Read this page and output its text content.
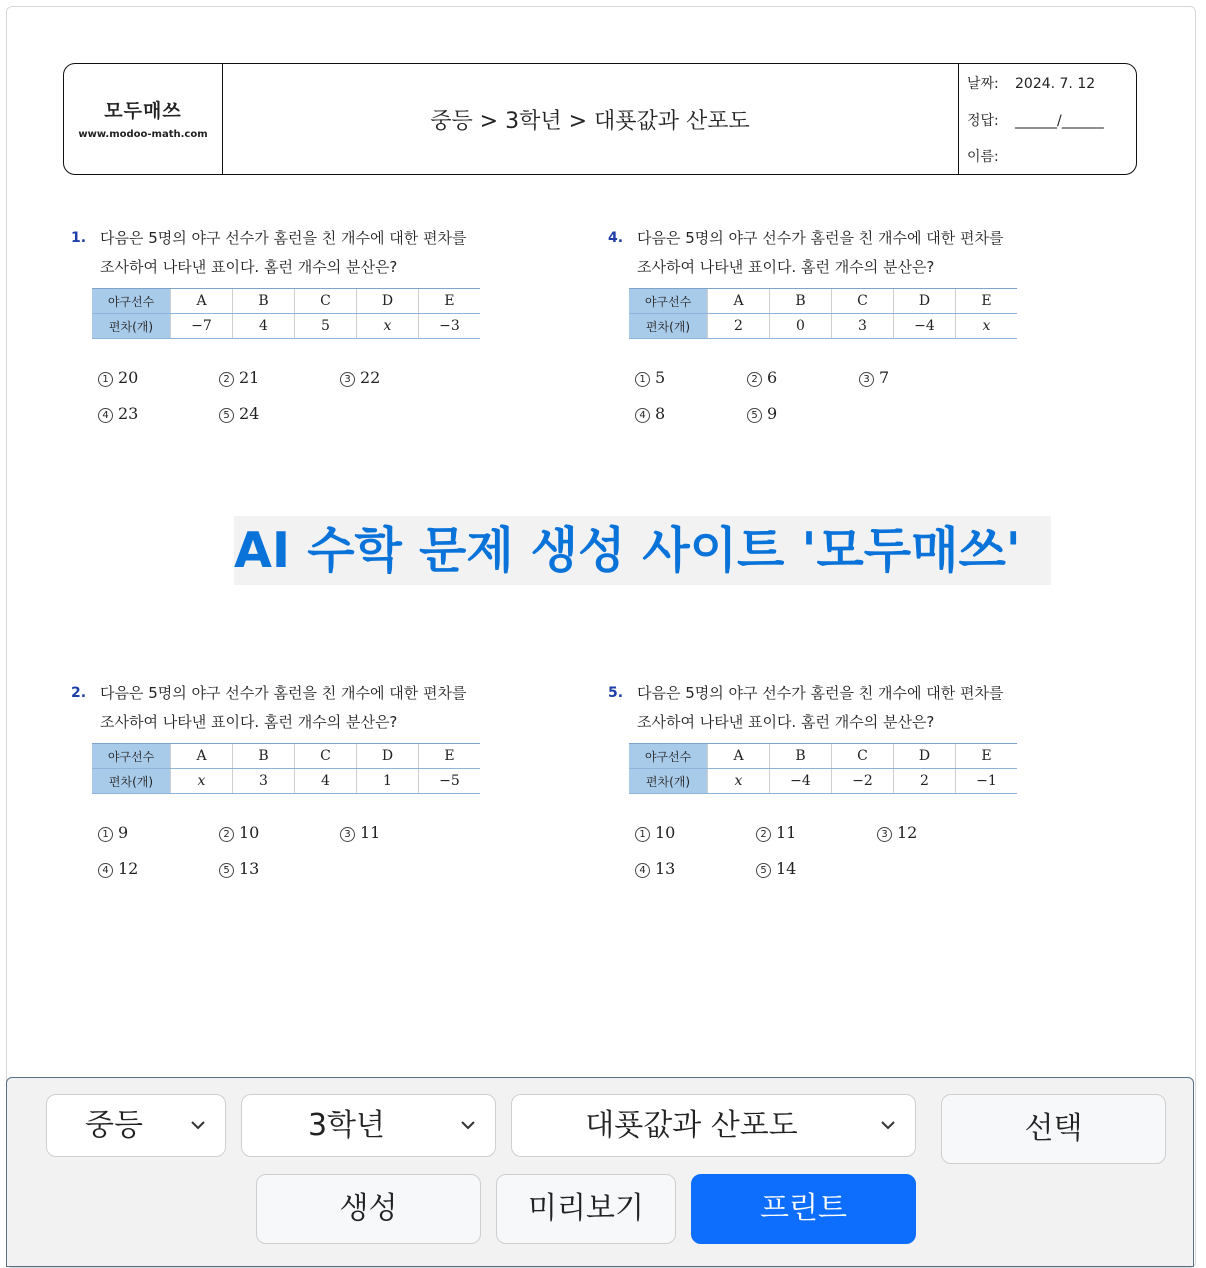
모두매쓰
www.modoo-math.com
중등 > 3학년 > 대푯값과 산포도
날짜: 2024. 7. 12
정답: ______/______
이름:
1. 다음은 5명의 야구 선수가 홈런을 친 개수에 대한 편차를
조사하여 나타낸 표이다. 홈런 개수의 분산은?
야구선수	A	B	C	D	E
편차(개)	−7	4	5	x	−3
1 20	2 21	3 22
4 23	5 24
4. 다음은 5명의 야구 선수가 홈런을 친 개수에 대한 편차를
조사하여 나타낸 표이다. 홈런 개수의 분산은?
야구선수	A	B	C	D	E
편차(개)	2	0	3	−4	x
1 5	2 6	3 7
4 8	5 9
2. 다음은 5명의 야구 선수가 홈런을 친 개수에 대한 편차를
조사하여 나타낸 표이다. 홈런 개수의 분산은?
야구선수	A	B	C	D	E
편차(개)	x	3	4	1	−5
1 9	2 10	3 11
4 12	5 13
5. 다음은 5명의 야구 선수가 홈런을 친 개수에 대한 편차를
조사하여 나타낸 표이다. 홈런 개수의 분산은?
야구선수	A	B	C	D	E
편차(개)	x	−4	−2	2	−1
1 10	2 11	3 12
4 13	5 14
AI 수학 문제 생성 사이트 '모두매쓰'
중등	3학년	대푯값과 산포도	선택
생성	미리보기	프린트
